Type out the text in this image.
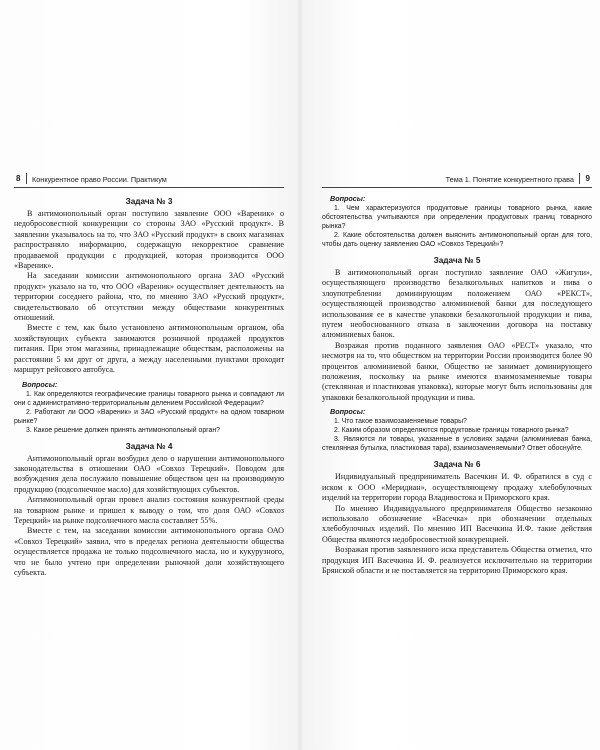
8 Конкурентное право России. Практикум
Задача № 3

В антимонопольный орган поступило заявление ООО «Вареник» о недобросовестной конкуренции со стороны ЗАО «Русский продукт». В заявлении указывалось на то, что ЗАО «Русский продукт» в своих магазинах распространяло информацию, содержащую некорректное сравнение продаваемой продукции с продукцией, которая производится ООО «Вареник».

На заседании комиссии антимонопольного органа ЗАО «Русский продукт» указало на то, что ООО «Вареник» осуществляет деятельность на территории соседнего района, что, по мнению ЗАО «Русский продукт», свидетельствовало об отсутствии между обществами конкурентных отношений.

Вместе с тем, как было установлено антимонопольным органом, оба хозяйствующих субъекта занимаются розничной продажей продуктов питания. При этом магазины, принадлежащие обществам, расположены на расстоянии 5 км друг от друга, а между населенными пунктами проходит маршрут рейсового автобуса.

Вопросы:

1. Как определяются географические границы товарного рынка и совпадают ли они с административно-территориальным делением Российской Федерации?

2. Работают ли ООО «Вареник» и ЗАО «Русский продукт» на одном товарном рынке?

3. Какое решение должен принять антимонопольный орган?

Задача № 4

Антимонопольный орган возбудил дело о нарушении антимонопольного законодательства в отношении ОАО «Совхоз Терецкий». Поводом для возбуждения дела послужило повышение обществом цен на производимую продукцию (подсолнечное масло) для хозяйствующих субъектов.

Антимонопольный орган провел анализ состояния конкурентной среды на товарном рынке и пришел к выводу о том, что доля ОАО «Совхоз Терецкий» на рынке подсолнечного масла составляет 55%.

Вместе с тем, на заседании комиссии антимонопольного органа ОАО «Совхоз Терецкий» заявил, что в пределах региона деятельности общества осуществляется продажа не только подсолнечного масла, но и кукурузного, что не было учтено при определении рыночной доли хозяйствующего субъекта.

Тема 1. Понятие конкурентного права 9
Вопросы:

1. Чем характеризуются продуктовые границы товарного рынка, какие обстоятельства учитываются при определении продуктовых границ товарного рынка?

2. Какие обстоятельства должен выяснить антимонопольный орган для того, чтобы дать оценку заявлению ОАО «Совхоз Терецкий»?

Задача № 5

В антимонопольный орган поступило заявление ОАО «Жигули», осуществляющего производство безалкогольных напитков и пива о злоупотреблении доминирующим положением ОАО «РЕКСТ», осуществляющей производство алюминиевой банки для последующего использования ее в качестве упаковки безалкогольной продукции и пива, путем необоснованного отказа в заключении договора на поставку алюминиевых банок.

Возражая против поданного заявления ОАО «РЕСТ» указало, что несмотря на то, что обществом на территории России производится более 90 процентов алюминиевой банки, Общество не занимает доминирующего положения, поскольку на рынке имеются взаимозаменяемые товары (стеклянная и пластиковая упаковка), которые могут быть использованы для упаковки безалкогольной продукции и пива.

Вопросы:

1. Что такое взаимозаменяемые товары?

2. Каким образом определяются продуктовые границы товарного рынка?

3. Являются ли товары, указанные в условиях задачи (алюминиевая банка, стеклянная бутылка, пластиковая тара), взаимозаменяемыми? Ответ обоснуйте.

Задача № 6

Индивидуальный предприниматель Васечкин И. Ф. обратился в суд с иском к ООО «Меридиан», осуществляющему продажу хлебобулочных изделий на территории города Владивостока и Приморского края.

По мнению Индивидуального предпринимателя Общество незаконно использовало обозначение «Васечка» при обозначении отдельных хлебобулочных изделий. По мнению ИП Васечкина И.Ф. такие действия Общества являются недобросовестной конкуренцией.

Возражая против заявленного иска представитель Общества отметил, что продукция ИП Васечкина И. Ф. реализуется исключительно на территории Брянской области и не поставляется на территорию Приморского края.
